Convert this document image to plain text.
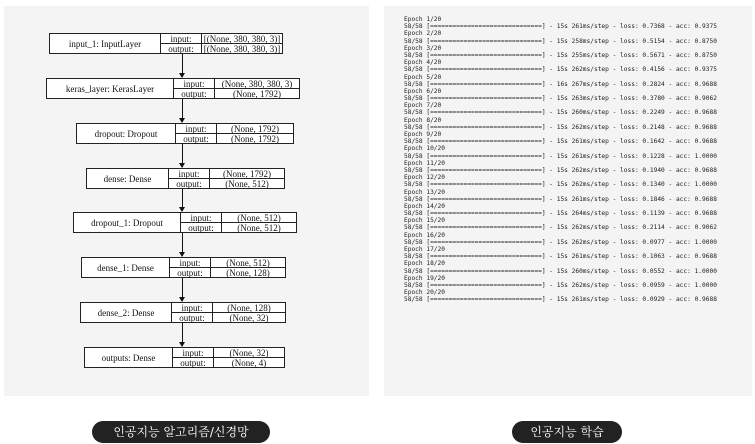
input_1: InputLayer	input:	[(None, 380, 380, 3)]
output:	[(None, 380, 380, 3)]
keras_layer: KerasLayer	input:	(None, 380, 380, 3)
output:	(None, 1792)
dropout: Dropout	input:	(None, 1792)
output:	(None, 1792)
dense: Dense	input:	(None, 1792)
output:	(None, 512)
dropout_1: Dropout	input:	(None, 512)
output:	(None, 512)
dense_1: Dense	input:	(None, 512)
output:	(None, 128)
dense_2: Dense	input:	(None, 128)
output:	(None, 32)
outputs: Dense	input:	(None, 32)
output:	(None, 4)
Epoch 1/20
58/58 [==============================] - 15s 261ms/step - loss: 0.7368 - acc: 0.9375
Epoch 2/20
58/58 [==============================] - 15s 258ms/step - loss: 0.5154 - acc: 0.8750
Epoch 3/20
58/58 [==============================] - 15s 255ms/step - loss: 0.5671 - acc: 0.8750
Epoch 4/20
58/58 [==============================] - 15s 262ms/step - loss: 0.4156 - acc: 0.9375
Epoch 5/20
58/58 [==============================] - 16s 267ms/step - loss: 0.2824 - acc: 0.9688
Epoch 6/20
58/58 [==============================] - 15s 263ms/step - loss: 0.3780 - acc: 0.9062
Epoch 7/20
58/58 [==============================] - 15s 260ms/step - loss: 0.2249 - acc: 0.9688
Epoch 8/20
58/58 [==============================] - 15s 262ms/step - loss: 0.2148 - acc: 0.9688
Epoch 9/20
58/58 [==============================] - 15s 261ms/step - loss: 0.1642 - acc: 0.9688
Epoch 10/20
58/58 [==============================] - 15s 261ms/step - loss: 0.1228 - acc: 1.0000
Epoch 11/20
58/58 [==============================] - 15s 262ms/step - loss: 0.1940 - acc: 0.9688
Epoch 12/20
58/58 [==============================] - 15s 262ms/step - loss: 0.1340 - acc: 1.0000
Epoch 13/20
58/58 [==============================] - 15s 261ms/step - loss: 0.1846 - acc: 0.9688
Epoch 14/20
58/58 [==============================] - 15s 264ms/step - loss: 0.1139 - acc: 0.9688
Epoch 15/20
58/58 [==============================] - 15s 262ms/step - loss: 0.2114 - acc: 0.9062
Epoch 16/20
58/58 [==============================] - 15s 262ms/step - loss: 0.0977 - acc: 1.0000
Epoch 17/20
58/58 [==============================] - 15s 261ms/step - loss: 0.1063 - acc: 0.9688
Epoch 18/20
58/58 [==============================] - 15s 260ms/step - loss: 0.0552 - acc: 1.0000
Epoch 19/20
58/58 [==============================] - 15s 262ms/step - loss: 0.0959 - acc: 1.0000
Epoch 20/20
58/58 [==============================] - 15s 261ms/step - loss: 0.0929 - acc: 0.9688
인공지능 알고리즘/신경망	인공지능 학습
